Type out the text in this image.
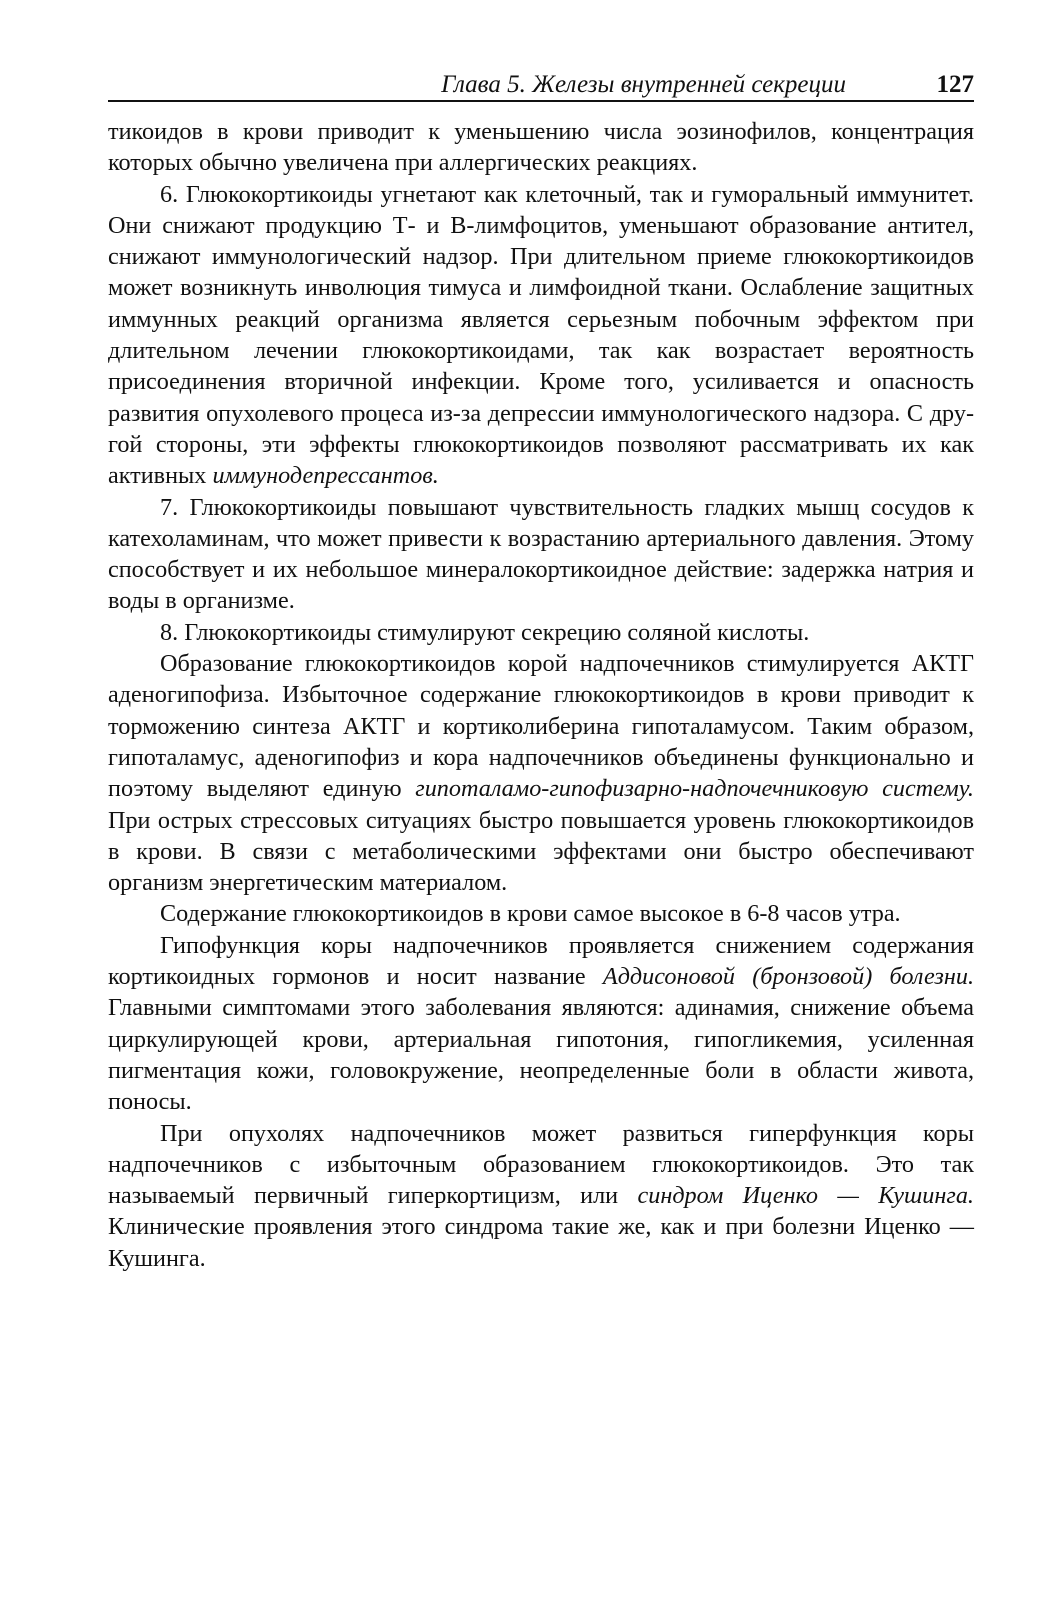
Глава 5. Железы внутренней секреции	127

тикоидов в крови приводит к уменьшению числа эозинофилов, концентрация которых обычно увеличена при аллергических реакциях.

6. Глюкокортикоиды угнетают как клеточный, так и гуморальный иммунитет. Они снижают продукцию Т- и В-лимфоцитов, уменьшают образование антител, снижают иммунологический надзор. При длительном приеме глюкокортикоидов может возникнуть инволюция тимуса и лимфоидной ткани. Ослабление защитных иммунных реакций организма является серьезным побочным эффектом при длительном лечении глюкокортикоидами, так как возрастает вероятность присоединения вторичной инфекции. Кроме того, усиливается и опасность развития опухолевого процеса из-за депрессии иммунологического надзора. С другой стороны, эти эффекты глюкокортикоидов позволяют рассматривать их как активных иммунодепрессантов.

7. Глюкокортикоиды повышают чувствительность гладких мышц сосудов к катехоламинам, что может привести к возрастанию артериального давления. Этому способствует и их небольшое минералокортикоидное действие: задержка натрия и воды в организме.

8. Глюкокортикоиды стимулируют секрецию соляной кислоты.

Образование глюкокортикоидов корой надпочечников стимулируется АКТГ аденогипофиза. Избыточное содержание глюкокортикоидов в крови приводит к торможению синтеза АКТГ и кортиколиберина гипоталамусом. Таким образом, гипоталамус, аденогипофиз и кора надпочечников объединены функционально и поэтому выделяют единую гипоталамо-гипофизарно-надпочечниковую систему. При острых стрессовых ситуациях быстро повышается уровень глюкокортикоидов в крови. В связи с метаболическими эффектами они быстро обеспечивают организм энергетическим материалом.

Содержание глюкокортикоидов в крови самое высокое в 6-8 часов утра.

Гипофункция коры надпочечников проявляется снижением содержания кортикоидных гормонов и носит название Аддисоновой (бронзовой) болезни. Главными симптомами этого заболевания являются: адинамия, снижение объема циркулирующей крови, артериальная гипотония, гипогликемия, усиленная пигментация кожи, головокружение, неопределенные боли в области живота, поносы.

При опухолях надпочечников может развиться гиперфункция коры надпочечников с избыточным образованием глюкокортикоидов. Это так называемый первичный гиперкортицизм, или синдром Иценко — Кушинга. Клинические проявления этого синдрома такие же, как и при болезни Иценко — Кушинга.
